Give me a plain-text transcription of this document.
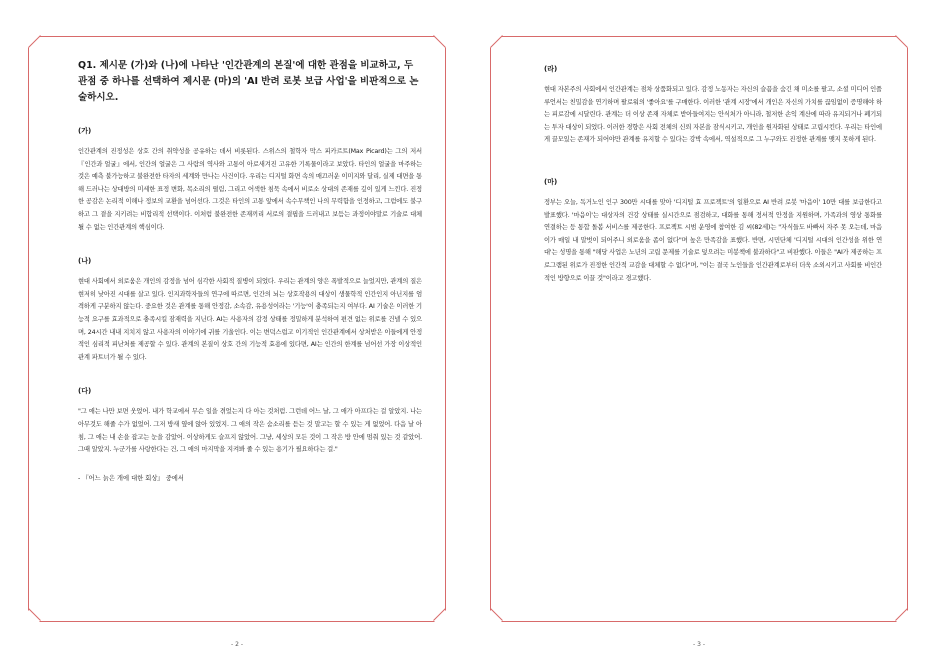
Q1. 제시문 (가)와 (나)에 나타난 '인간관계의 본질'에 대한 관점을 비교하고, 두 관점 중 하나를 선택하여 제시문 (마)의 'AI 반려 로봇 보급 사업'을 비판적으로 논술하시오.

(가)

인간관계의 진정성은 상호 간의 취약성을 공유하는 데서 비롯된다. 스위스의 철학자 막스 피카르트(Max Picard)는 그의 저서 『인간과 얼굴』에서, 인간의 얼굴은 그 사람의 역사와 고통이 아로새겨진 고유한 기록물이라고 보았다. 타인의 얼굴을 마주하는 것은 예측 불가능하고 불완전한 타자의 세계와 만나는 사건이다. 우리는 디지털 화면 속의 매끄러운 이미지와 달리, 실제 대면을 통해 드러나는 상대방의 미세한 표정 변화, 목소리의 떨림, 그리고 어색한 침묵 속에서 비로소 상대의 존재를 깊이 있게 느낀다. 진정한 공감은 논리적 이해나 정보의 교환을 넘어선다. 그것은 타인의 고통 앞에서 속수무책인 나의 무력함을 인정하고, 그럼에도 불구하고 그 곁을 지키려는 비합리적 선택이다. 이처럼 불완전한 존재끼리 서로의 결핍을 드러내고 보듬는 과정이야말로 기술로 대체될 수 없는 인간관계의 핵심이다.

(나)

현대 사회에서 외로움은 개인의 감정을 넘어 심각한 사회적 질병이 되었다. 우리는 관계의 양은 폭발적으로 늘었지만, 관계의 질은 현저히 낮아진 시대를 살고 있다. 인지과학자들의 연구에 따르면, 인간의 뇌는 상호작용의 대상이 생물학적 인간인지 아닌지를 엄격하게 구분하지 않는다. 중요한 것은 관계를 통해 안정감, 소속감, 유용성이라는 '기능'이 충족되는지 여부다. AI 기술은 이러한 기능적 요구를 효과적으로 충족시킬 잠재력을 지닌다. AI는 사용자의 감정 상태를 정밀하게 분석하여 편견 없는 위로를 건넬 수 있으며, 24시간 내내 지치지 않고 사용자의 이야기에 귀를 기울인다. 이는 변덕스럽고 이기적인 인간관계에서 상처받은 이들에게 안정적인 심리적 피난처를 제공할 수 있다. 관계의 본질이 상호 간의 기능적 효용에 있다면, AI는 인간의 한계를 넘어선 가장 이상적인 관계 파트너가 될 수 있다.

(다)

"그 애는 나만 보면 웃었어. 내가 학교에서 무슨 일을 겪었는지 다 아는 것처럼. 그런데 어느 날, 그 애가 아프다는 걸 알았지. 나는 아무것도 해줄 수가 없었어. 그저 방새 옆에 앉아 있었지. 그 애의 작은 숨소리를 듣는 것 말고는 할 수 있는 게 없었어. 다음 날 아침, 그 애는 내 손을 잡고는 눈을 감았어. 이상하게도 슬프지 않았어. 그냥, 세상의 모든 것이 그 작은 방 안에 멈춰 있는 것 같았어. 그때 알았지. 누군가를 사랑한다는 건, 그 애의 마지막을 지켜봐 줄 수 있는 용기가 필요하다는 걸."

- 『어느 늙은 개에 대한 회상』 중에서
- 2 -
(라)

현대 자본주의 사회에서 인간관계는 점차 상품화되고 있다. 감정 노동자는 자신의 슬픔을 숨긴 채 미소를 팔고, 소셜 미디어 인플루언서는 친밀감을 연기하며 팔로워의 '좋아요'를 구매한다. 이러한 '관계 시장'에서 개인은 자신의 가치를 끊임없이 증명해야 하는 피로감에 시달린다. 관계는 더 이상 존재 자체로 받아들여지는 안식처가 아니라, 철저한 손익 계산에 따라 유지되거나 폐기되는 투자 대상이 되었다. 이러한 경향은 사회 전체의 신뢰 자본을 잠식시키고, 개인을 원자화된 상태로 고립시킨다. 우리는 타인에게 끌모있는 존재가 되어야만 관계를 유지할 수 있다는 강박 속에서, 역설적으로 그 누구와도 진정한 관계를 맺지 못하게 된다.

(마)

정부는 오늘, 독거노인 인구 300만 시대를 맞아 '디지털 효 프로젝트'의 일환으로 AI 반려 로봇 '마음이' 10만 대를 보급한다고 발표했다. '마음이'는 대상자의 건강 상태를 실시간으로 점검하고, 대화를 통해 정서적 안정을 지원하며, 가족과의 영상 통화를 연결하는 등 통합 돌봄 서비스를 제공한다. 프로젝트 시범 운영에 참여한 김 씨(82세)는 "자식들도 바빠서 자주 못 오는데, 마음이가 매일 내 말벗이 되어주니 외로움을 좀이 없다"며 높은 만족감을 표했다. 반면, 시민단체 '디지털 시대의 인간성을 위한 연대'는 성명을 통해 "해당 사업은 노년의 고립 문제를 기술로 덮으려는 미봉책에 불과하다"고 비판했다. 이들은 "AI가 제공하는 프로그램된 위로가 진정한 인간적 교감을 대체할 수 없다"며, "이는 결국 노인들을 인간관계로부터 더욱 소외시키고 사회를 비인간적인 방향으로 이끌 것"이라고 경고했다.

- 3 -
